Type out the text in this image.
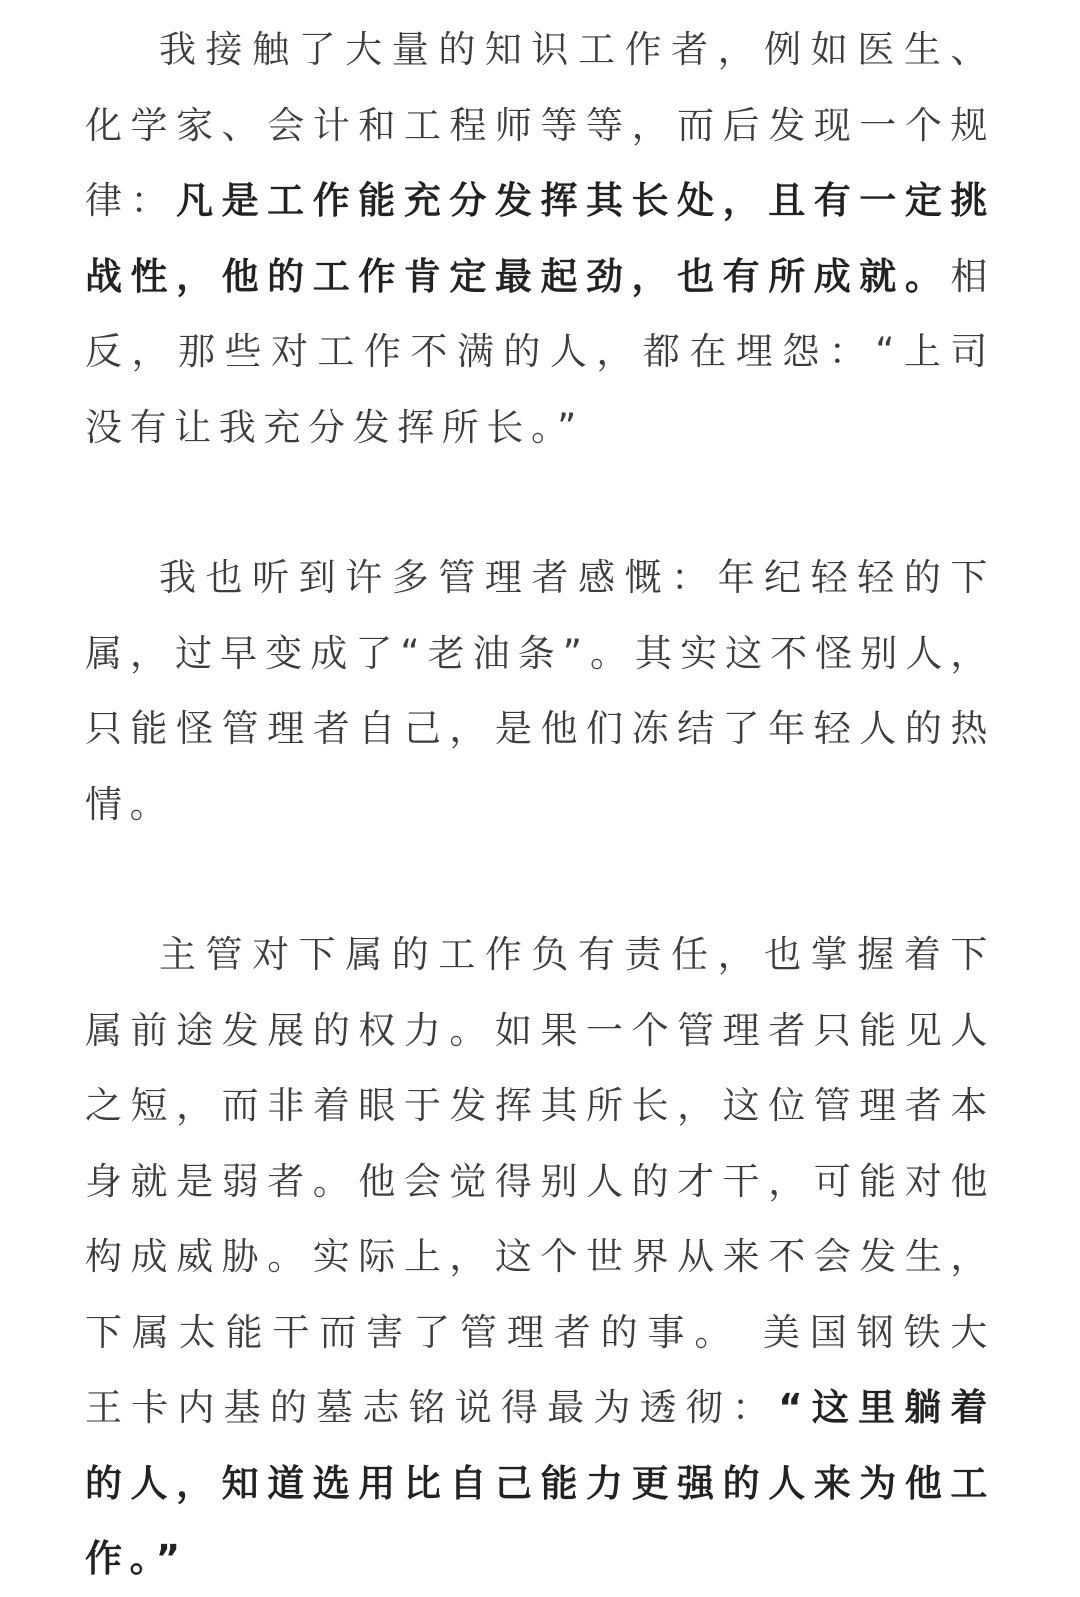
我接触了大量的知识工作者，例如医生、化学家、会计和工程师等等，而后发现一个规律：凡是工作能充分发挥其长处，且有一定挑战性，他的工作肯定最起劲，也有所成就。相反，那些对工作不满的人，都在埋怨：“上司没有让我充分发挥所长。”

我也听到许多管理者感慨：年纪轻轻的下属，过早变成了“老油条”。其实这不怪别人，只能怪管理者自己，是他们冻结了年轻人的热情。

主管对下属的工作负有责任，也掌握着下属前途发展的权力。如果一个管理者只能见人之短，而非着眼于发挥其所长，这位管理者本身就是弱者。他会觉得别人的才干，可能对他构成威胁。实际上，这个世界从来不会发生，下属太能干而害了管理者的事。 美国钢铁大王卡内基的墓志铭说得最为透彻：“这里躺着的人，知道选用比自己能力更强的人来为他工作。”
